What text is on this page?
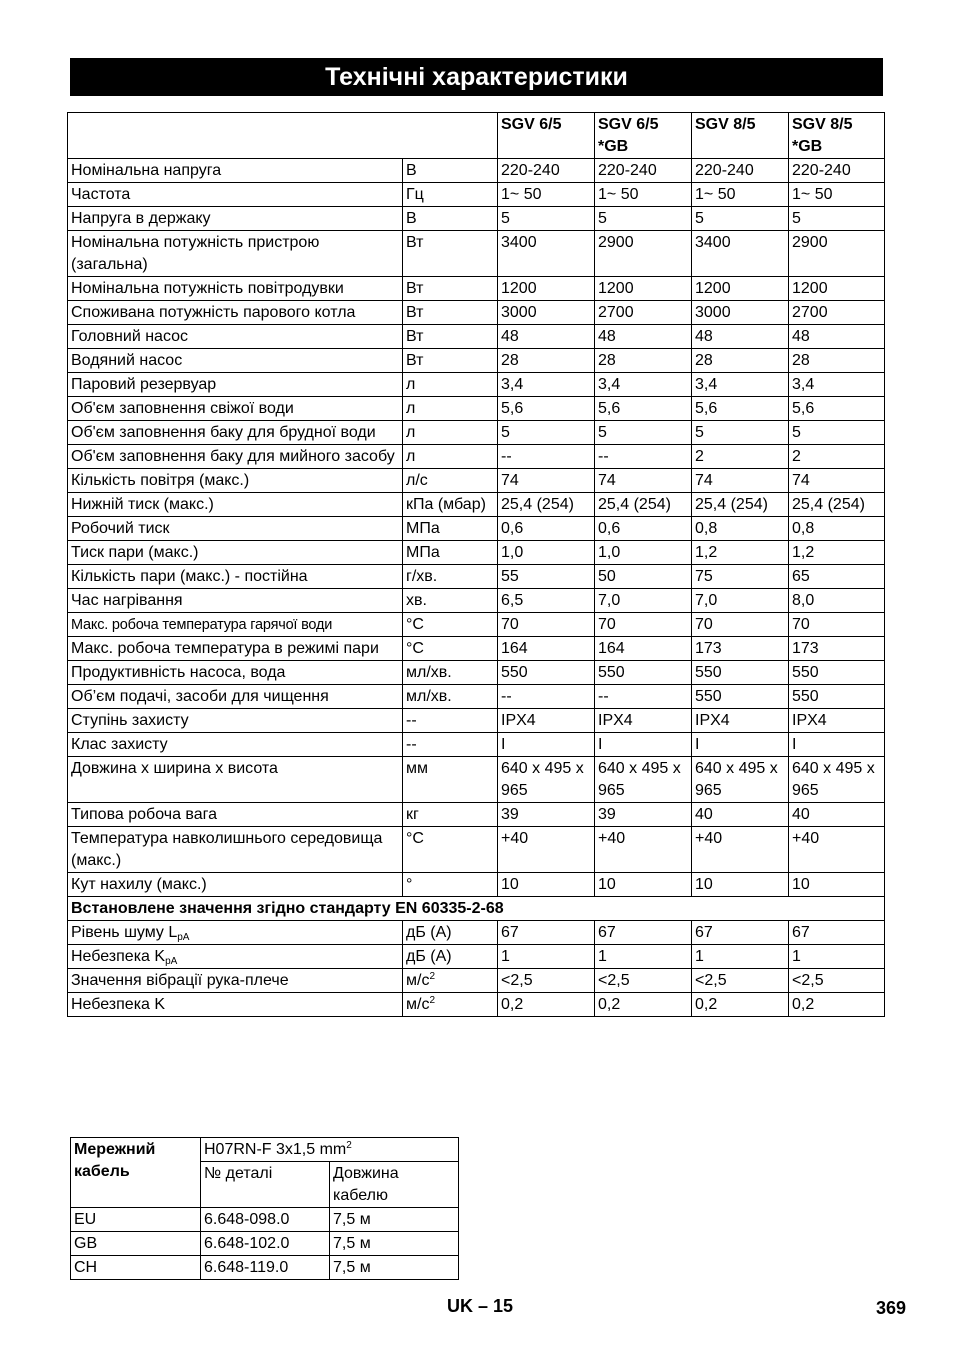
Технічні характеристики
		SGV 6/5	SGV 6/5 *GB	SGV 8/5	SGV 8/5 *GB
Номінальна напруга	В	220-240	220-240	220-240	220-240
Частота	Гц	1~ 50	1~ 50	1~ 50	1~ 50
Напруга в держаку	В	5	5	5	5
Номінальна потужність пристрою (загальна)	Вт	3400	2900	3400	2900
Номінальна потужність повітродувки	Вт	1200	1200	1200	1200
Споживана потужність парового котла	Вт	3000	2700	3000	2700
Головний насос	Вт	48	48	48	48
Водяний насос	Вт	28	28	28	28
Паровий резервуар	л	3,4	3,4	3,4	3,4
Об'єм заповнення свіжої води	л	5,6	5,6	5,6	5,6
Об'єм заповнення баку для брудної води	л	5	5	5	5
Об'єм заповнення баку для мийного засобу	л	--	--	2	2
Кількість повітря (макс.)	л/с	74	74	74	74
Нижній тиск (макс.)	кПа (мбар)	25,4 (254)	25,4 (254)	25,4 (254)	25,4 (254)
Робочий тиск	МПа	0,6	0,6	0,8	0,8
Тиск пари (макс.)	МПа	1,0	1,0	1,2	1,2
Кількість пари (макс.) - постійна	г/хв.	55	50	75	65
Час нагрівання	хв.	6,5	7,0	7,0	8,0
Макс. робоча температура гарячої води	°C	70	70	70	70
Макс. робоча температура в режимі пари	°C	164	164	173	173
Продуктивність насоса, вода	мл/хв.	550	550	550	550
Об’єм подачі, засоби для чищення	мл/хв.	--	--	550	550
Ступінь захисту	--	IPX4	IPX4	IPX4	IPX4
Клас захисту	--	I	I	I	I
Довжина x ширина x висота	мм	640 x 495 x 965	640 x 495 x 965	640 x 495 x 965	640 x 495 x 965
Типова робоча вага	кг	39	39	40	40
Температура навколишнього середовища (макс.)	°C	+40	+40	+40	+40
Кут нахилу (макс.)	°	10	10	10	10
Встановлене значення згідно стандарту EN 60335-2-68					
Рівень шуму $L_{pA}$	дБ (A)	67	67	67	67
Небезпека $K_{pA}$	дБ (A)	1	1	1	1
Значення вібрації рука-плече	$м/с^2$	<2,5	<2,5	<2,5	<2,5
Небезпека K	$м/с^2$	0,2	0,2	0,2	0,2
Мережний кабель	H07RN-F 3x1,5 $mm^2$
	№ деталі	Довжина кабелю
EU	6.648-098.0	7,5 м
GB	6.648-102.0	7,5 м
CH	6.648-119.0	7,5 м
UK – 15	369
